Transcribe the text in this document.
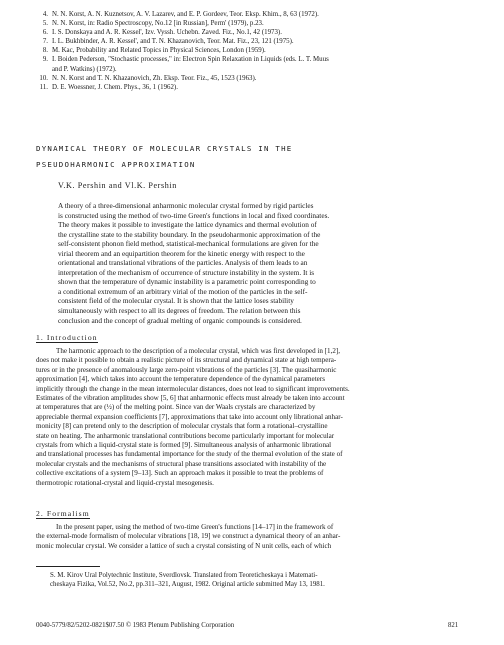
4. N. N. Korst, A. N. Kuznetsov, A. V. Lazarev, and E. P. Gordeev, Teor. Eksp. Khim., 8, 63 (1972).
5. N. N. Korst, in: Radio Spectroscopy, No.12 [in Russian], Perm' (1979), p.23.
6. I. S. Donskaya and A. R. Kessel', Izv. Vyssh. Uchebn. Zaved. Fiz., No.1, 42 (1973).
7. I. L. Bukhbinder, A. R. Kessel', and T. N. Khazanovich, Teor. Mat. Fiz., 23, 121 (1975).
8. M. Kac, Probability and Related Topics in Physical Sciences, London (1959).
9. I. Boiden Pederson, "Stochastic processes," in: Electron Spin Relaxation in Liquids (eds. L. T. Muus
and P. Watkins) (1972).
10. N. N. Korst and T. N. Khazanovich, Zh. Eksp. Teor. Fiz., 45, 1523 (1963).
11. D. E. Woessner, J. Chem. Phys., 36, 1 (1962).
DYNAMICAL THEORY OF MOLECULAR CRYSTALS IN THE
PSEUDOHARMONIC APPROXIMATION
V.K. Pershin and Vl.K. Pershin
A theory of a three-dimensional anharmonic molecular crystal formed by rigid particles
is constructed using the method of two-time Green's functions in local and fixed coordinates.
The theory makes it possible to investigate the lattice dynamics and thermal evolution of
the crystalline state to the stability boundary. In the pseudoharmonic approximation of the
self-consistent phonon field method, statistical-mechanical formulations are given for the
virial theorem and an equipartition theorem for the kinetic energy with respect to the
orientational and translational vibrations of the particles. Analysis of them leads to an
interpretation of the mechanism of occurrence of structure instability in the system. It is
shown that the temperature of dynamic instability is a parametric point corresponding to
a conditional extremum of an arbitrary virial of the motion of the particles in the self-
consistent field of the molecular crystal. It is shown that the lattice loses stability
simultaneously with respect to all its degrees of freedom. The relation between this
conclusion and the concept of gradual melting of organic compounds is considered.
1. Introduction
The harmonic approach to the description of a molecular crystal, which was first developed in [1,2],
does not make it possible to obtain a realistic picture of its structural and dynamical state at high tempera-
tures or in the presence of anomalously large zero-point vibrations of the particles [3]. The quasiharmonic
approximation [4], which takes into account the temperature dependence of the dynamical parameters
implicitly through the change in the mean intermolecular distances, does not lead to significant improvements.
Estimates of the vibration amplitudes show [5, 6] that anharmonic effects must already be taken into account
at temperatures that are (½) of the melting point. Since van der Waals crystals are characterized by
appreciable thermal expansion coefficients [7], approximations that take into account only librational anhar-
monicity [8] can pretend only to the description of molecular crystals that form a rotational–crystalline
state on heating. The anharmonic translational contributions become particularly important for molecular
crystals from which a liquid-crystal state is formed [9]. Simultaneous analysis of anharmonic librational
and translational processes has fundamental importance for the study of the thermal evolution of the state of
molecular crystals and the mechanisms of structural phase transitions associated with instability of the
collective excitations of a system [9–13]. Such an approach makes it possible to treat the problems of
thermotropic rotational-crystal and liquid-crystal mesogenesis.
2. Formalism
In the present paper, using the method of two-time Green's functions [14–17] in the framework of
the external-mode formalism of molecular vibrations [18, 19] we construct a dynamical theory of an anhar-
monic molecular crystal. We consider a lattice of such a crystal consisting of N unit cells, each of which
S. M. Kirov Ural Polytechnic Institute, Sverdlovsk. Translated from Teoreticheskaya i Matemati-
cheskaya Fizika, Vol.52, No.2, pp.311–321, August, 1982. Original article submitted May 13, 1981.
0040-5779/82/5202-0821$07.50 © 1983 Plenum Publishing Corporation	821
